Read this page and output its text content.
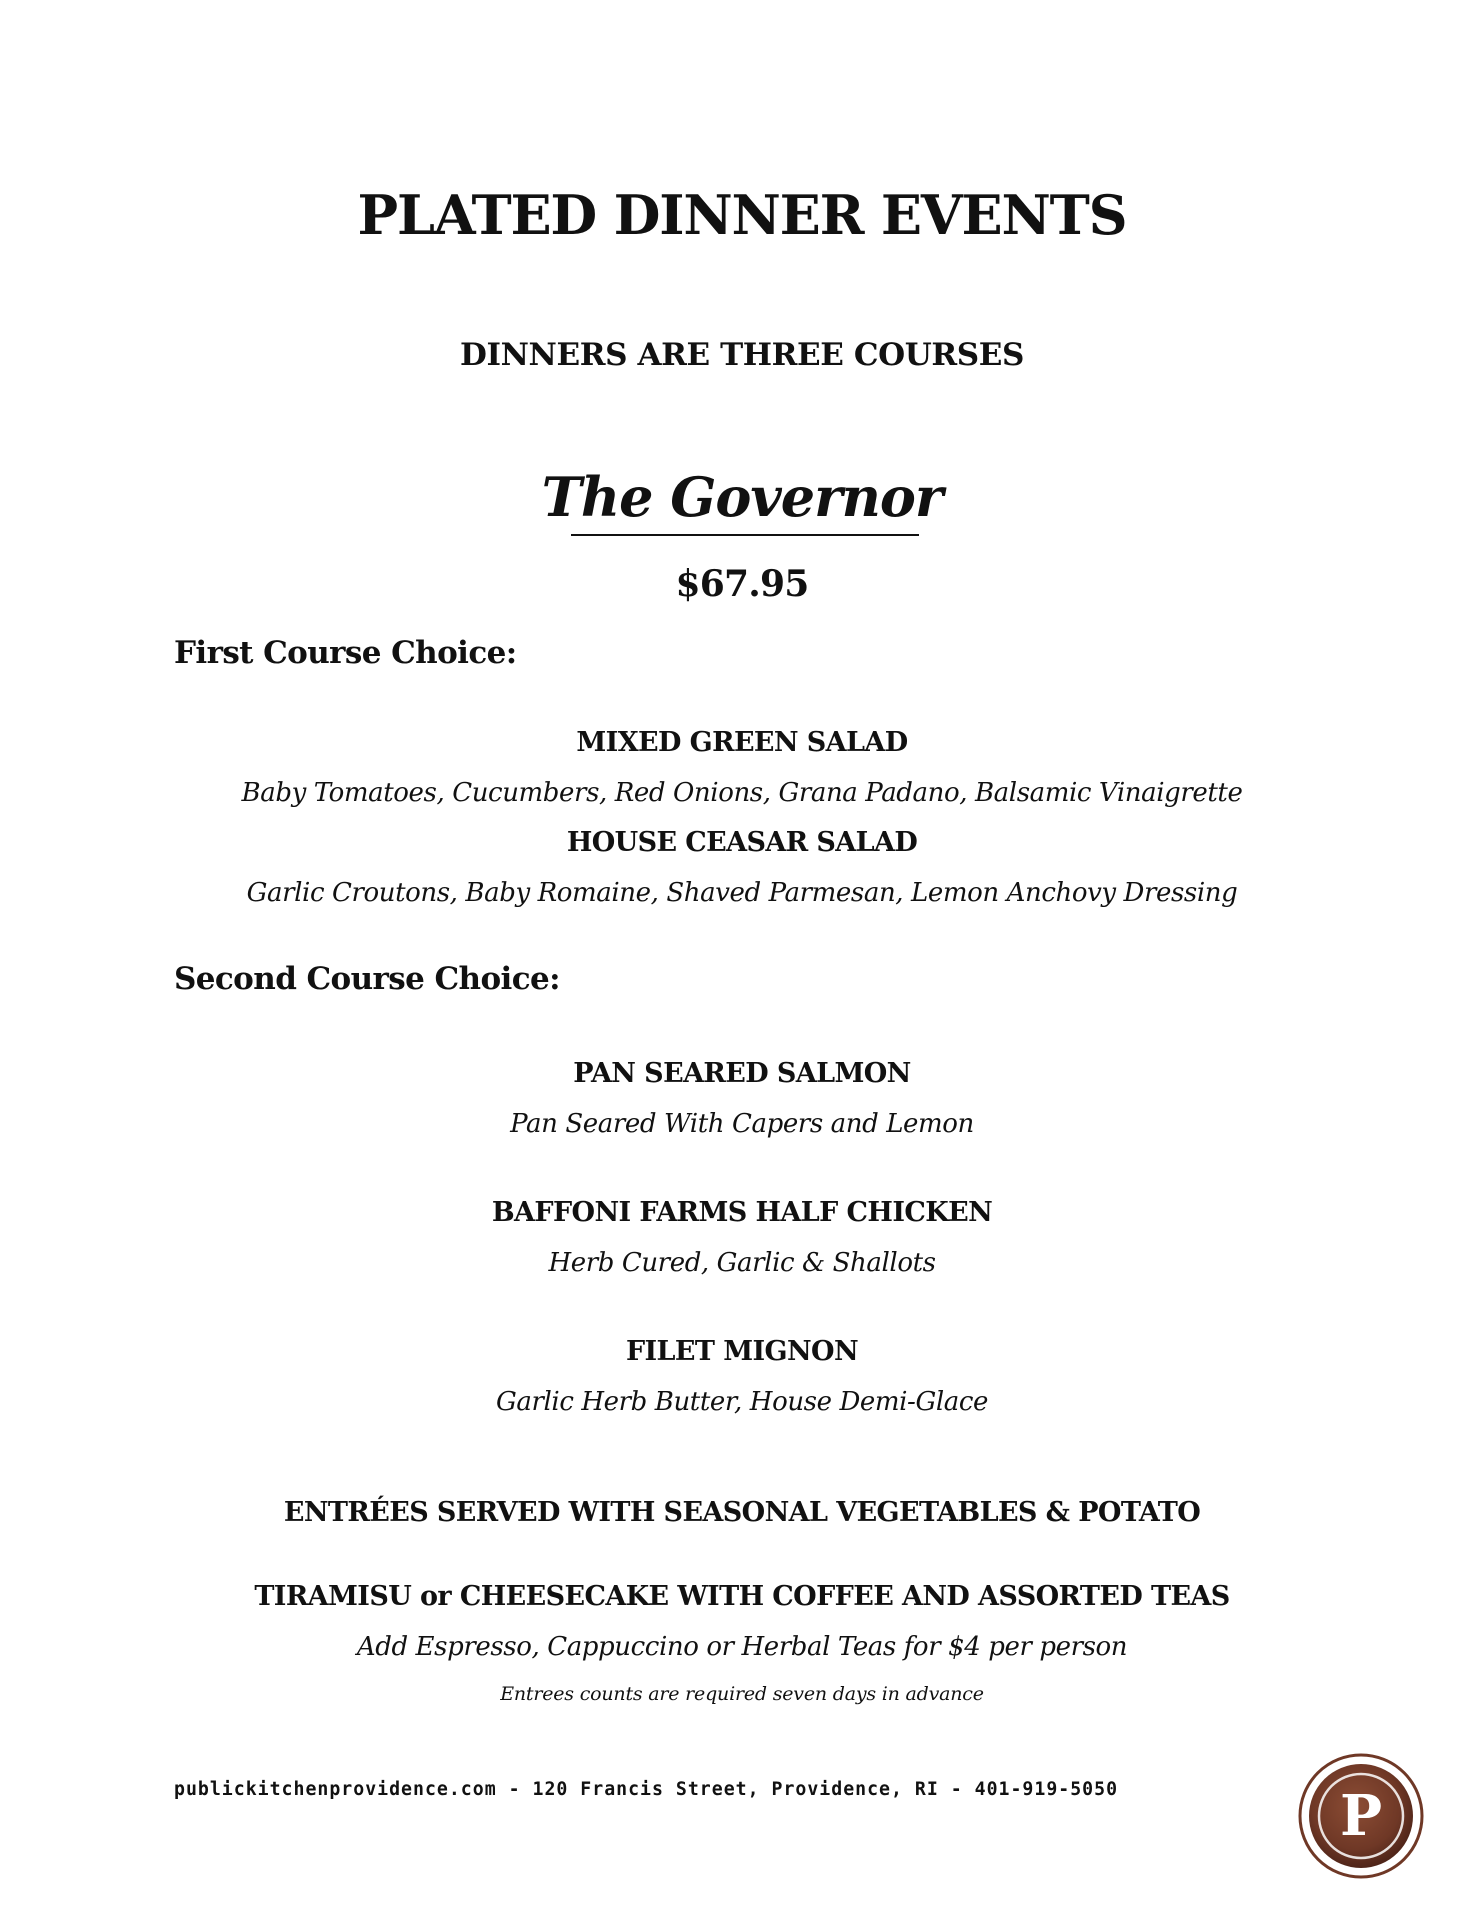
PLATED DINNER EVENTS
DINNERS ARE THREE COURSES
The Governor
$67.95
First Course Choice:
MIXED GREEN SALAD
Baby Tomatoes, Cucumbers, Red Onions, Grana Padano, Balsamic Vinaigrette
HOUSE CEASAR SALAD
Garlic Croutons, Baby Romaine, Shaved Parmesan, Lemon Anchovy Dressing
Second Course Choice:
PAN SEARED SALMON
Pan Seared With Capers and Lemon
BAFFONI FARMS HALF CHICKEN
Herb Cured, Garlic & Shallots
FILET MIGNON
Garlic Herb Butter, House Demi-Glace
ENTRÉES SERVED WITH SEASONAL VEGETABLES & POTATO
TIRAMISU or CHEESECAKE WITH COFFEE AND ASSORTED TEAS
Add Espresso, Cappuccino or Herbal Teas for $4 per person
Entrees counts are required seven days in advance
publickitchenprovidence.com - 120 Francis Street, Providence, RI - 401-919-5050	P
